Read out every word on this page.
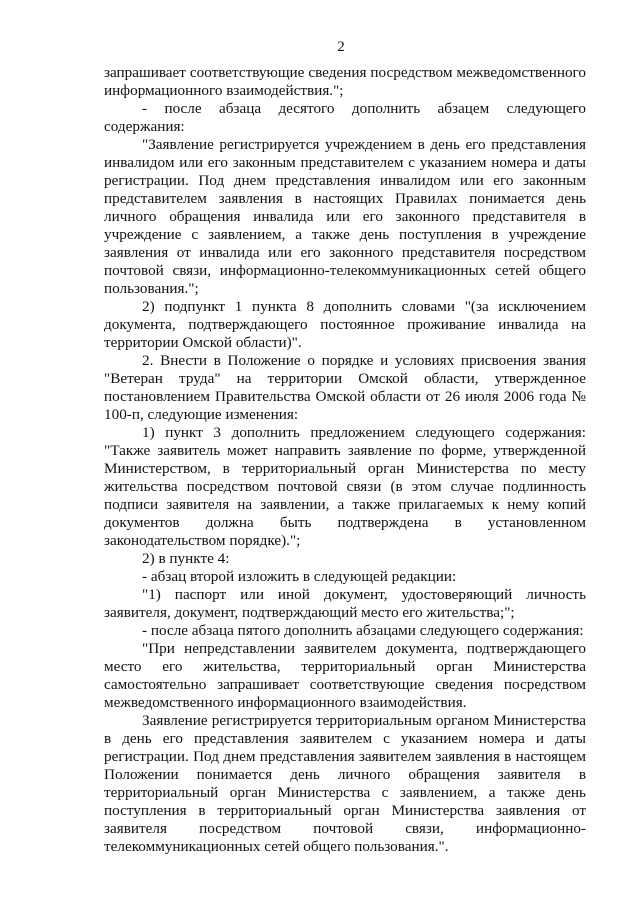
2

запрашивает соответствующие сведения посредством межведомственного информационного взаимодействия.";

- после абзаца десятого дополнить абзацем следующего содержания:

"Заявление регистрируется учреждением в день его представления инвалидом или его законным представителем с указанием номера и даты регистрации. Под днем представления инвалидом или его законным представителем заявления в настоящих Правилах понимается день личного обращения инвалида или его законного представителя в учреждение с заявлением, а также день поступления в учреждение заявления от инвалида или его законного представителя посредством почтовой связи, информационно-телекоммуникационных сетей общего пользования.";

2) подпункт 1 пункта 8 дополнить словами "(за исключением документа, подтверждающего постоянное проживание инвалида на территории Омской области)".

2. Внести в Положение о порядке и условиях присвоения звания "Ветеран труда" на территории Омской области, утвержденное постановлением Правительства Омской области от 26 июля 2006 года № 100-п, следующие изменения:

1) пункт 3 дополнить предложением следующего содержания: "Также заявитель может направить заявление по форме, утвержденной Министерством, в территориальный орган Министерства по месту жительства посредством почтовой связи (в этом случае подлинность подписи заявителя на заявлении, а также прилагаемых к нему копий документов должна быть подтверждена в установленном законодательством порядке).";

2) в пункте 4:

- абзац второй изложить в следующей редакции:

"1) паспорт или иной документ, удостоверяющий личность заявителя, документ, подтверждающий место его жительства;";

- после абзаца пятого дополнить абзацами следующего содержания:

"При непредставлении заявителем документа, подтверждающего место его жительства, территориальный орган Министерства самостоятельно запрашивает соответствующие сведения посредством межведомственного информационного взаимодействия.

Заявление регистрируется территориальным органом Министерства в день его представления заявителем с указанием номера и даты регистрации. Под днем представления заявителем заявления в настоящем Положении понимается день личного обращения заявителя в территориальный орган Министерства с заявлением, а также день поступления в территориальный орган Министерства заявления от заявителя посредством почтовой связи, информационно-телекоммуникационных сетей общего пользования.".
